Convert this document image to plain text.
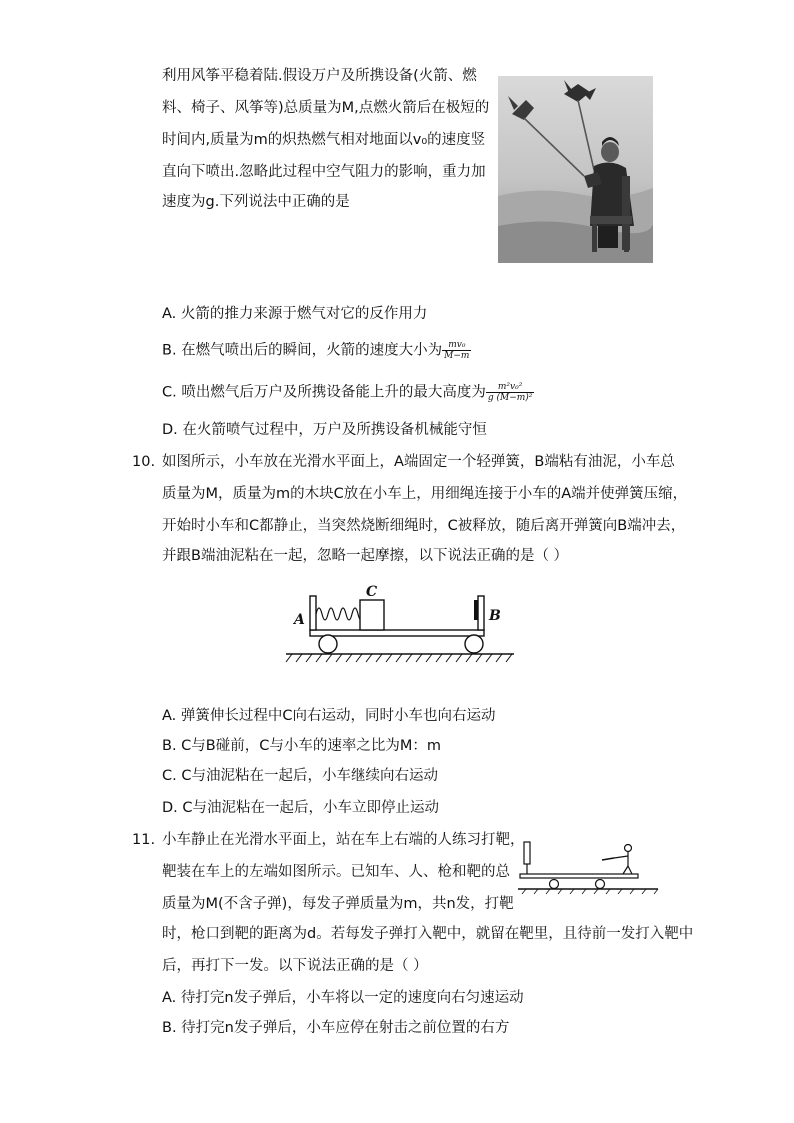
利用风筝平稳着陆.假设万户及所携设备(火箭、燃
料、椅子、风筝等)总质量为M,点燃火箭后在极短的
时间内,质量为m的炽热燃气相对地面以v₀的速度竖
直向下喷出.忽略此过程中空气阻力的影响，重力加
速度为g.下列说法中正确的是
A. 火箭的推力来源于燃气对它的反作用力
B. 在燃气喷出后的瞬间，火箭的速度大小为 $\frac{\text{mv₀}}{M-m}$
C. 喷出燃气后万户及所携设备能上升的最大高度为 $\frac{\text{m²v₀²}}{\text{g (M−m)²}}$
D. 在火箭喷气过程中，万户及所携设备机械能守恒
10. 如图所示，小车放在光滑水平面上，A端固定一个轻弹簧，B端粘有油泥，小车总
质量为M，质量为m的木块C放在小车上，用细绳连接于小车的A端并使弹簧压缩，
开始时小车和C都静止，当突然烧断细绳时，C被释放，随后离开弹簧向B端冲去，
并跟B端油泥粘在一起，忽略一起摩擦，以下说法正确的是（ ）
A
C
B
A. 弹簧伸长过程中C向右运动，同时小车也向右运动
B. C与B碰前，C与小车的速率之比为M：m
C. C与油泥粘在一起后，小车继续向右运动
D. C与油泥粘在一起后，小车立即停止运动
11. 小车静止在光滑水平面上，站在车上右端的人练习打靶，
靶装在车上的左端如图所示。已知车、人、枪和靶的总
质量为M(不含子弹)，每发子弹质量为m，共n发，打靶
时，枪口到靶的距离为d。若每发子弹打入靶中，就留在靶里，且待前一发打入靶中
后，再打下一发。以下说法正确的是（ ）
A. 待打完n发子弹后，小车将以一定的速度向右匀速运动
B. 待打完n发子弹后，小车应停在射击之前位置的右方
